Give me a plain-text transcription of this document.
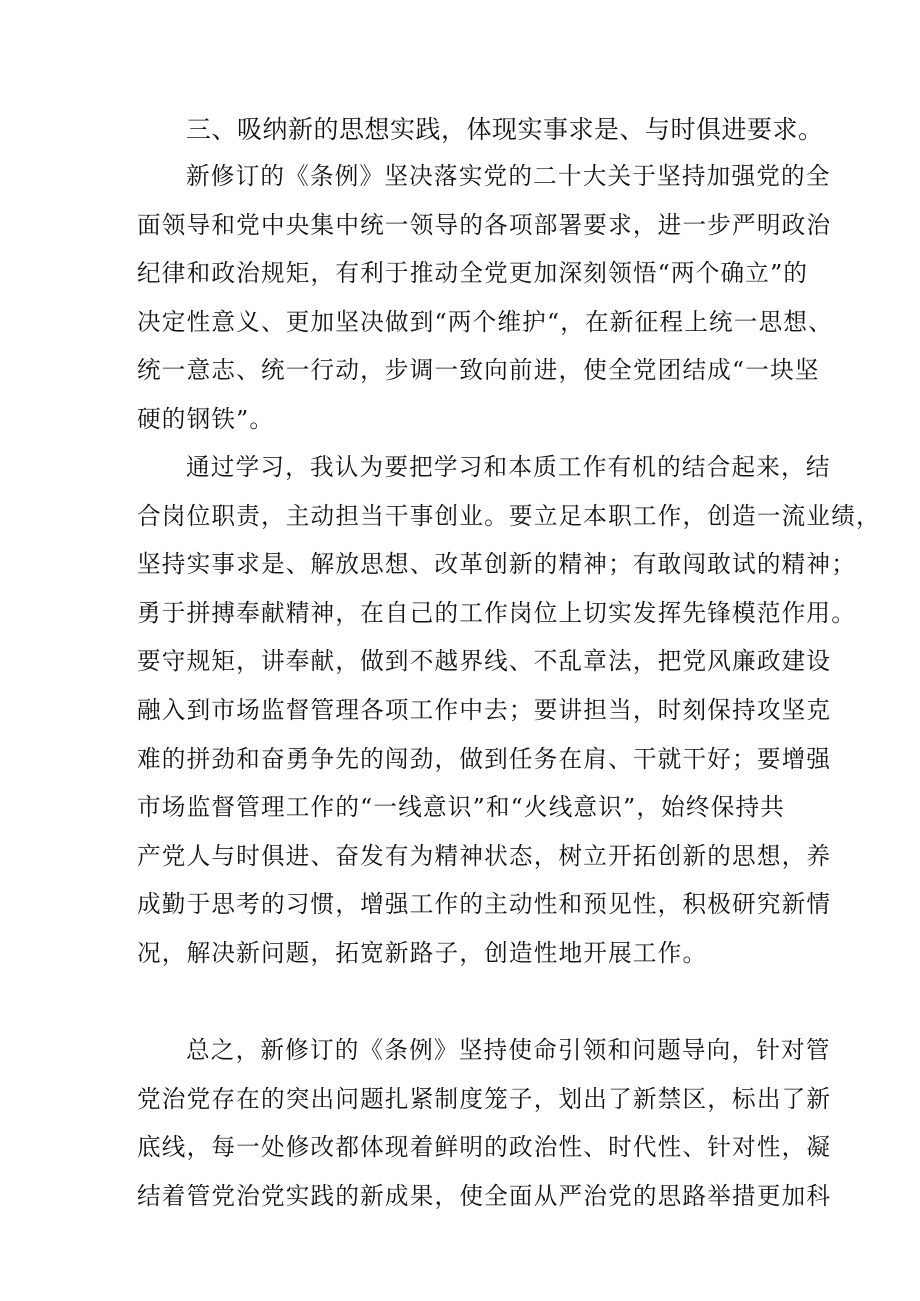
三、吸纳新的思想实践，体现实事求是、与时俱进要求。
新修订的《条例》坚决落实党的二十大关于坚持加强党的全
面领导和党中央集中统一领导的各项部署要求，进一步严明政治
纪律和政治规矩，有利于推动全党更加深刻领悟“两个确立”的
决定性意义、更加坚决做到“两个维护“，在新征程上统一思想、
统一意志、统一行动，步调一致向前进，使全党团结成“一块坚
硬的钢铁”。
通过学习，我认为要把学习和本质工作有机的结合起来，结
合岗位职责，主动担当干事创业。要立足本职工作，创造一流业绩，
坚持实事求是、解放思想、改革创新的精神；有敢闯敢试的精神；
勇于拼搏奉献精神，在自己的工作岗位上切实发挥先锋模范作用。
要守规矩，讲奉献，做到不越界线、不乱章法，把党风廉政建设
融入到市场监督管理各项工作中去；要讲担当，时刻保持攻坚克
难的拼劲和奋勇争先的闯劲，做到任务在肩、干就干好；要增强
市场监督管理工作的“一线意识”和“火线意识”，始终保持共
产党人与时俱进、奋发有为精神状态，树立开拓创新的思想，养
成勤于思考的习惯，增强工作的主动性和预见性，积极研究新情
况，解决新问题，拓宽新路子，创造性地开展工作。
总之，新修订的《条例》坚持使命引领和问题导向，针对管
党治党存在的突出问题扎紧制度笼子，划出了新禁区，标出了新
底线，每一处修改都体现着鲜明的政治性、时代性、针对性，凝
结着管党治党实践的新成果，使全面从严治党的思路举措更加科
